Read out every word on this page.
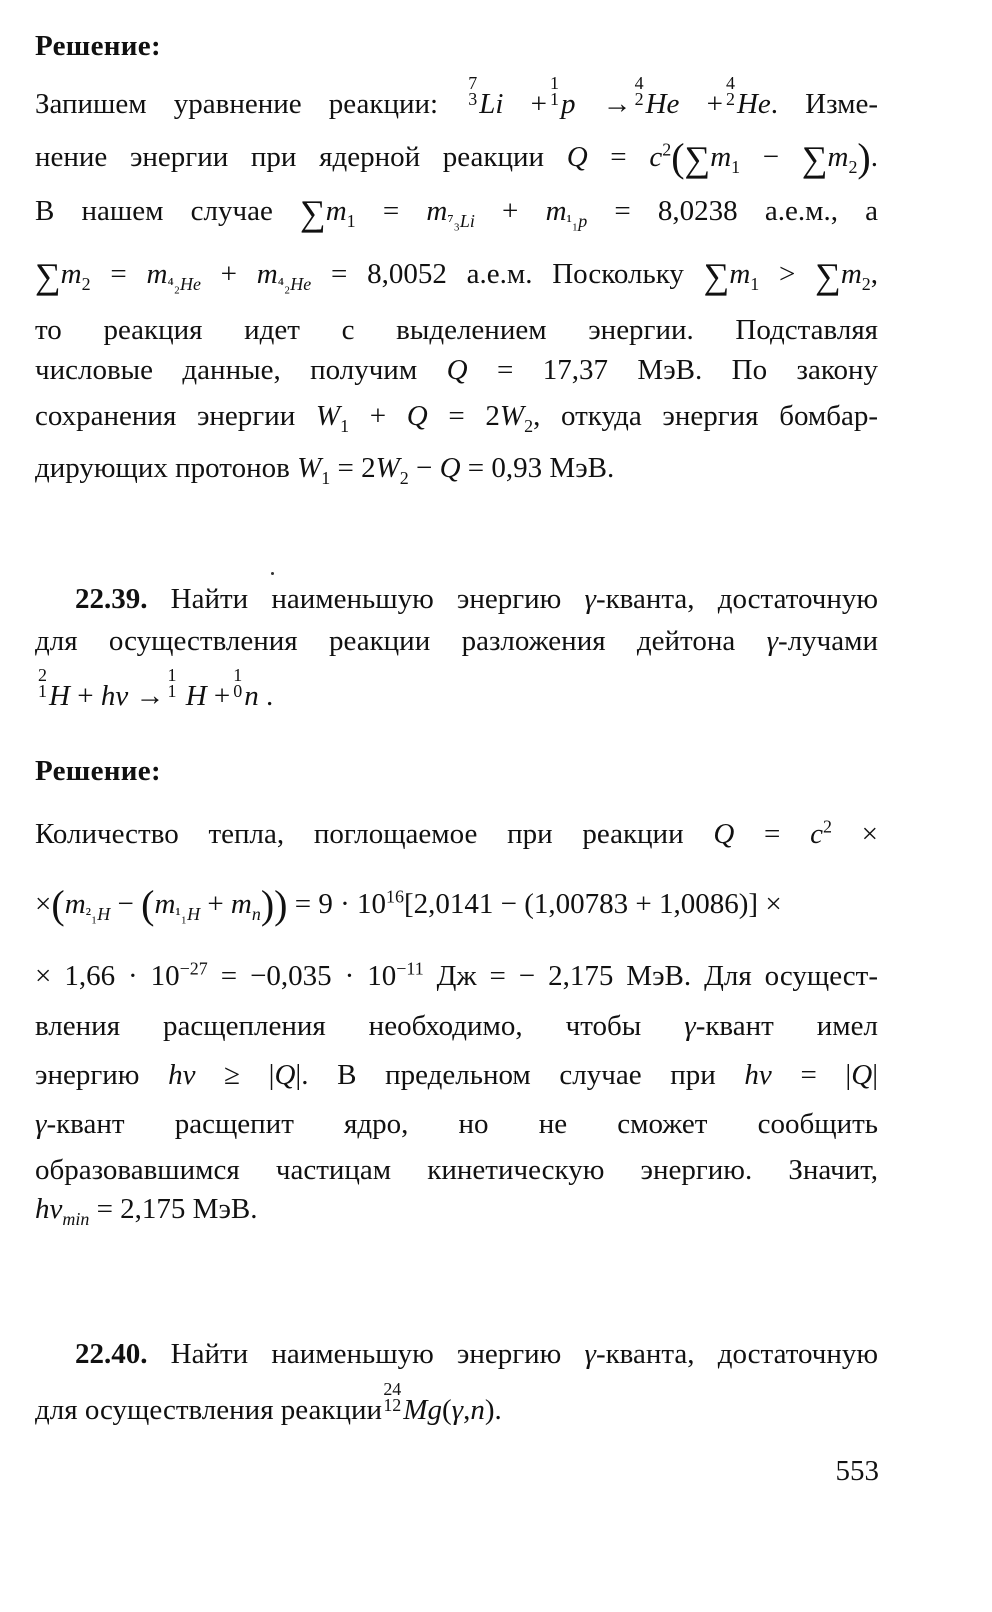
Решение:
Запишем уравнение реакции:
7
3 Li +
1
1 p →
4
2 He +
4
2 He. Изме-
нение энергии при ядерной реакции $Q = c^2(\sum m_1 - \sum m_2)$.
В нашем случае $\sum m_1 = m_{^7_3Li} + m_{^1_1p} = 8,0238$ а.е.м., а
$\sum m_2 = m_{^4_2He} + m_{^4_2He} = 8,0052$ а.е.м. Поскольку $\sum m_1 > \sum m_2$,
то реакция идет с выделением энергии. Подставляя
числовые данные, получим Q = 17,37 МэВ. По закону
сохранения энергии $W_1 + Q = 2W_2$, откуда энергия бомбар-
дирующих протонов $W_1 = 2W_2 - Q = 0,93$ МэВ.
22.39. Найти наименьшую энергию γ-кванта, достаточную
для осуществления реакции разложения дейтона γ-лучами
2
1 H + hν →
1
1 H +
1
0 n .
Решение:
Количество тепла, поглощаемое при реакции $Q = c^2$ ×
$\times(m_{^2_1H} - (m_{^1_1H} + m_n)) = 9 \cdot 10^{16}[2,0141 - (1,00783 + 1,0086)]$ ×
× $1,66 \cdot 10^{-27} = -0,035 \cdot 10^{-11}$ Дж = − 2,175 МэВ. Для осущест-
вления расщепления необходимо, чтобы γ-квант имел
энергию hν ≥ |Q|. В предельном случае при hν = |Q|
γ-квант расщепит ядро, но не сможет сообщить
образовавшимся частицам кинетическую энергию. Значит,
$h\nu_{min} = 2,175$ МэВ.
22.40. Найти наименьшую энергию γ-кванта, достаточную
для осуществления реакции
24
12 Mg(γ,n).
553
